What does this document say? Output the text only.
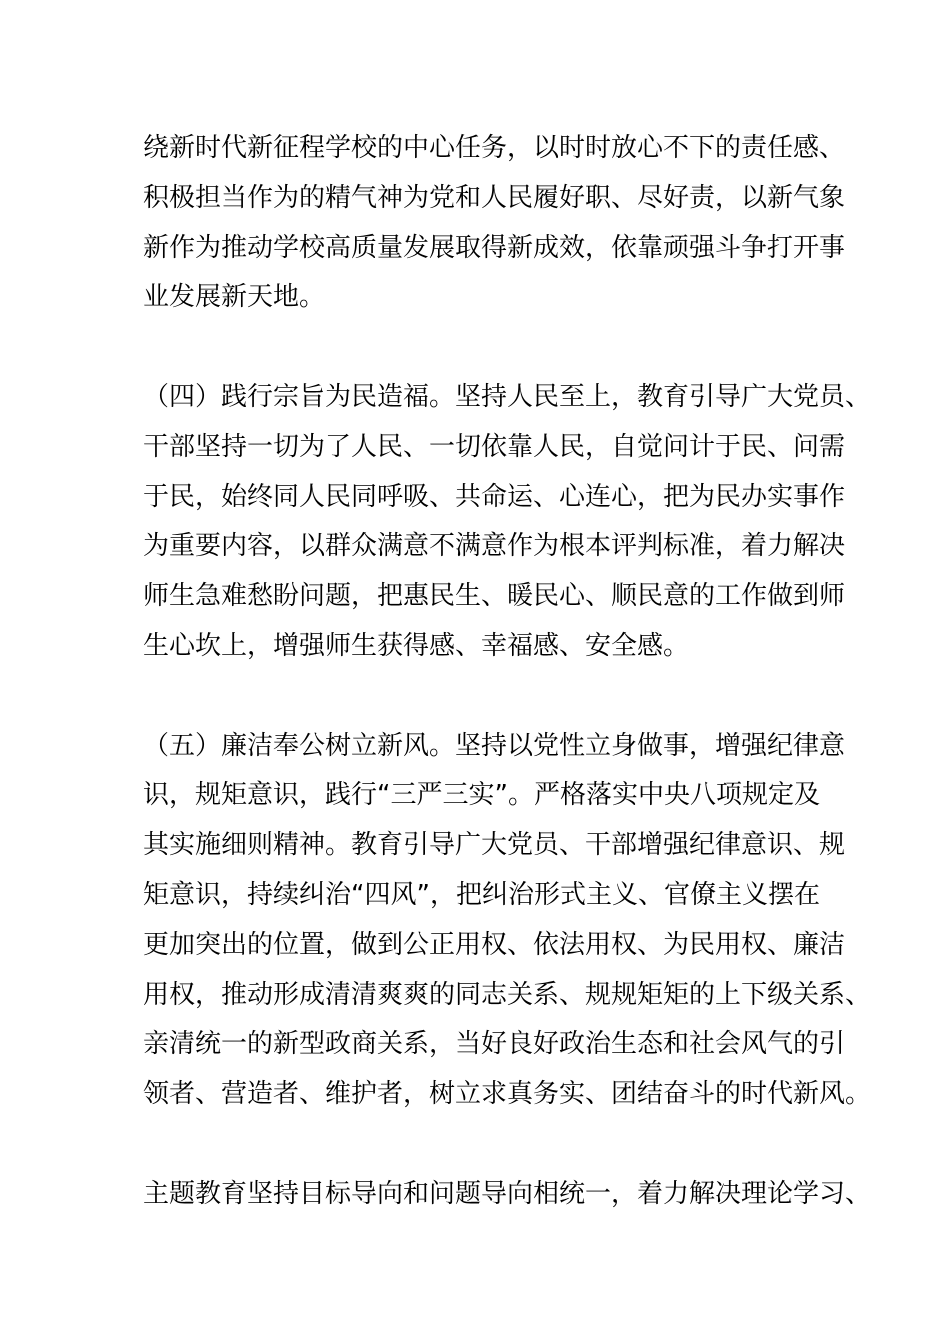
绕新时代新征程学校的中心任务，以时时放心不下的责任感、
积极担当作为的精气神为党和人民履好职、尽好责，以新气象
新作为推动学校高质量发展取得新成效，依靠顽强斗争打开事
业发展新天地。
（四）践行宗旨为民造福。坚持人民至上，教育引导广大党员、
干部坚持一切为了人民、一切依靠人民，自觉问计于民、问需
于民，始终同人民同呼吸、共命运、心连心，把为民办实事作
为重要内容，以群众满意不满意作为根本评判标准，着力解决
师生急难愁盼问题，把惠民生、暖民心、顺民意的工作做到师
生心坎上，增强师生获得感、幸福感、安全感。
（五）廉洁奉公树立新风。坚持以党性立身做事，增强纪律意
识，规矩意识，践行“三严三实”。严格落实中央八项规定及
其实施细则精神。教育引导广大党员、干部增强纪律意识、规
矩意识，持续纠治“四风”，把纠治形式主义、官僚主义摆在
更加突出的位置，做到公正用权、依法用权、为民用权、廉洁
用权，推动形成清清爽爽的同志关系、规规矩矩的上下级关系、
亲清统一的新型政商关系，当好良好政治生态和社会风气的引
领者、营造者、维护者，树立求真务实、团结奋斗的时代新风。
主题教育坚持目标导向和问题导向相统一，着力解决理论学习、
